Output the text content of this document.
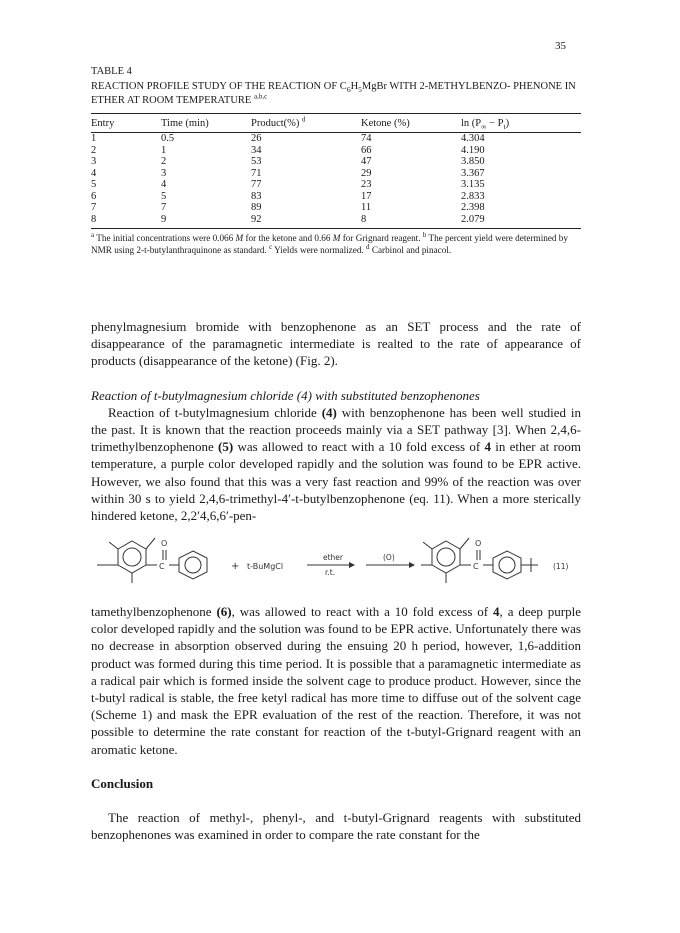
35
TABLE 4
REACTION PROFILE STUDY OF THE REACTION OF $C_6H_5MgBr$ WITH 2-METHYLBENZO- PHENONE IN ETHER AT ROOM TEMPERATURE $^{a,b,c}$
Entry	Time (min)	Product(%) $^d$	Ketone (%)	$\ln (P_\infty - P_t)$
1	0.5	26	74	4.304
2	1	34	66	4.190
3	2	53	47	3.850
4	3	71	29	3.367
5	4	77	23	3.135
6	5	83	17	2.833
7	7	89	11	2.398
8	9	92	8	2.079
$^a$ The initial concentrations were 0.066 M for the ketone and 0.66 M for Grignard reagent. $^b$ The percent yield were determined by NMR using 2-t-butylanthraquinone as standard. $^c$ Yields were normalized. $^d$ Carbinol and pinacol.

phenylmagnesium bromide with benzophenone as an SET process and the rate of disappearance of the paramagnetic intermediate is realted to the rate of appearance of products (disappearance of the ketone) (Fig. 2).

Reaction of t-butylmagnesium chloride (4) with substituted benzophenones

Reaction of t-butylmagnesium chloride (4) with benzophenone has been well studied in the past. It is known that the reaction proceeds mainly via a SET pathway [3]. When 2,4,6-trimethylbenzophenone (5) was allowed to react with a 10 fold excess of 4 in ether at room temperature, a purple color developed rapidly and the solution was found to be EPR active. However, we also found that this was a very fast reaction and 99% of the reaction was over within 30 s to yield 2,4,6-trimethyl-4′-t-butylbenzophenone (eq. 11). When a more sterically hindered ketone, 2,2′4,6,6′-pen-

C
O
+ t-BuMgCl
ether
r.t.
(O)
C
O
(11)

tamethylbenzophenone (6), was allowed to react with a 10 fold excess of 4, a deep purple color developed rapidly and the solution was found to be EPR active. Unfortunately there was no decrease in absorption observed during the ensuing 20 h period, however, 1,6-addition product was formed during this time period. It is possible that a paramagnetic intermediate as a radical pair which is formed inside the solvent cage to produce product. However, since the t-butyl radical is stable, the free ketyl radical has more time to diffuse out of the solvent cage (Scheme 1) and mask the EPR evaluation of the rest of the reaction. Therefore, it was not possible to determine the rate constant for reaction of the t-butyl-Grignard reagent with an aromatic ketone.

Conclusion

The reaction of methyl-, phenyl-, and t-butyl-Grignard reagents with substituted benzophenones was examined in order to compare the rate constant for the
